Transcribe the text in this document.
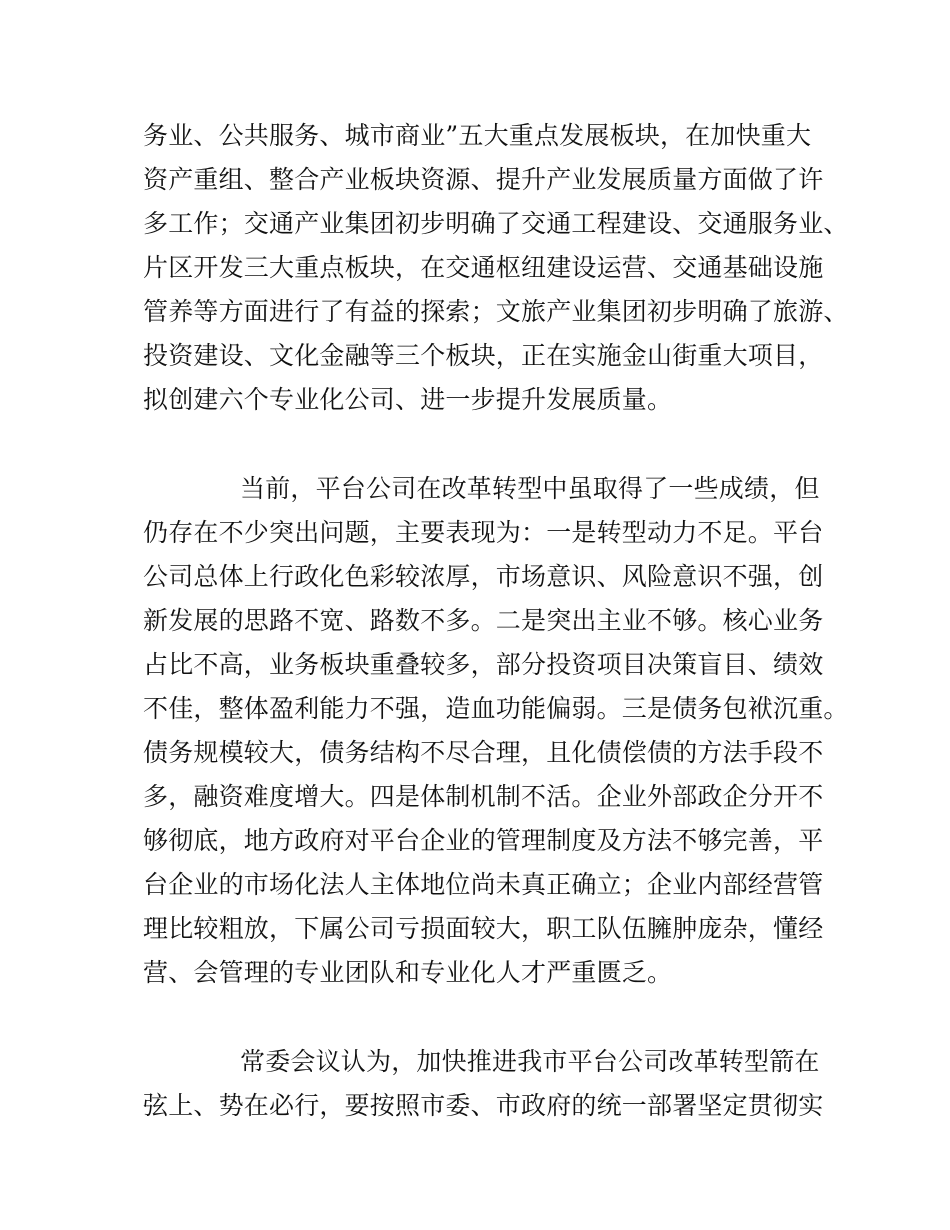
务业、公共服务、城市商业”五大重点发展板块，在加快重大
资产重组、整合产业板块资源、提升产业发展质量方面做了许
多工作；交通产业集团初步明确了交通工程建设、交通服务业、
片区开发三大重点板块，在交通枢纽建设运营、交通基础设施
管养等方面进行了有益的探索；文旅产业集团初步明确了旅游、
投资建设、文化金融等三个板块，正在实施金山街重大项目，
拟创建六个专业化公司、进一步提升发展质量。
当前，平台公司在改革转型中虽取得了一些成绩，但
仍存在不少突出问题，主要表现为：一是转型动力不足。平台
公司总体上行政化色彩较浓厚，市场意识、风险意识不强，创
新发展的思路不宽、路数不多。二是突出主业不够。核心业务
占比不高，业务板块重叠较多，部分投资项目决策盲目、绩效
不佳，整体盈利能力不强，造血功能偏弱。三是债务包袱沉重。
债务规模较大，债务结构不尽合理，且化债偿债的方法手段不
多，融资难度增大。四是体制机制不活。企业外部政企分开不
够彻底，地方政府对平台企业的管理制度及方法不够完善，平
台企业的市场化法人主体地位尚未真正确立；企业内部经营管
理比较粗放，下属公司亏损面较大，职工队伍臃肿庞杂，懂经
营、会管理的专业团队和专业化人才严重匮乏。
常委会议认为，加快推进我市平台公司改革转型箭在
弦上、势在必行，要按照市委、市政府的统一部署坚定贯彻实
